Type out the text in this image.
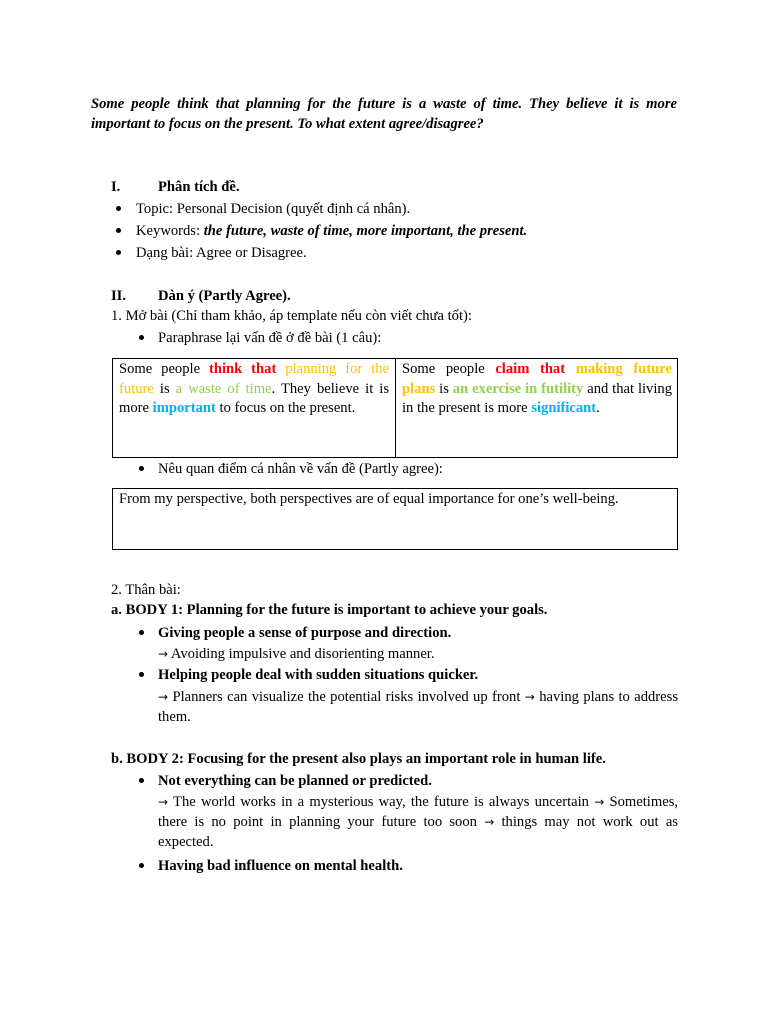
Some people think that planning for the future is a waste of time. They believe it is more important to focus on the present. To what extent agree/disagree?
I.	Phân tích đề.
Topic: Personal Decision (quyết định cá nhân).
Keywords: the future, waste of time, more important, the present.
Dạng bài: Agree or Disagree.
II. Dàn ý (Partly Agree).
1. Mở bài (Chỉ tham khảo, áp template nếu còn viết chưa tốt):
Paraphrase lại vấn đề ở đề bài (1 câu):
Some people think that planning for the future is a waste of time. They believe it is more important to focus on the present.
Some people claim that making future plans is an exercise in futility and that living in the present is more significant.
Nêu quan điểm cá nhân về vấn đề (Partly agree):
From my perspective, both perspectives are of equal importance for one’s well-being.
2. Thân bài:
a. BODY 1: Planning for the future is important to achieve your goals.
Giving people a sense of purpose and direction.
→ Avoiding impulsive and disorienting manner.
Helping people deal with sudden situations quicker.
→ Planners can visualize the potential risks involved up front → having plans to address them.
b. BODY 2: Focusing for the present also plays an important role in human life.
Not everything can be planned or predicted.
→ The world works in a mysterious way, the future is always uncertain → Sometimes, there is no point in planning your future too soon → things may not work out as expected.
Having bad influence on mental health.
